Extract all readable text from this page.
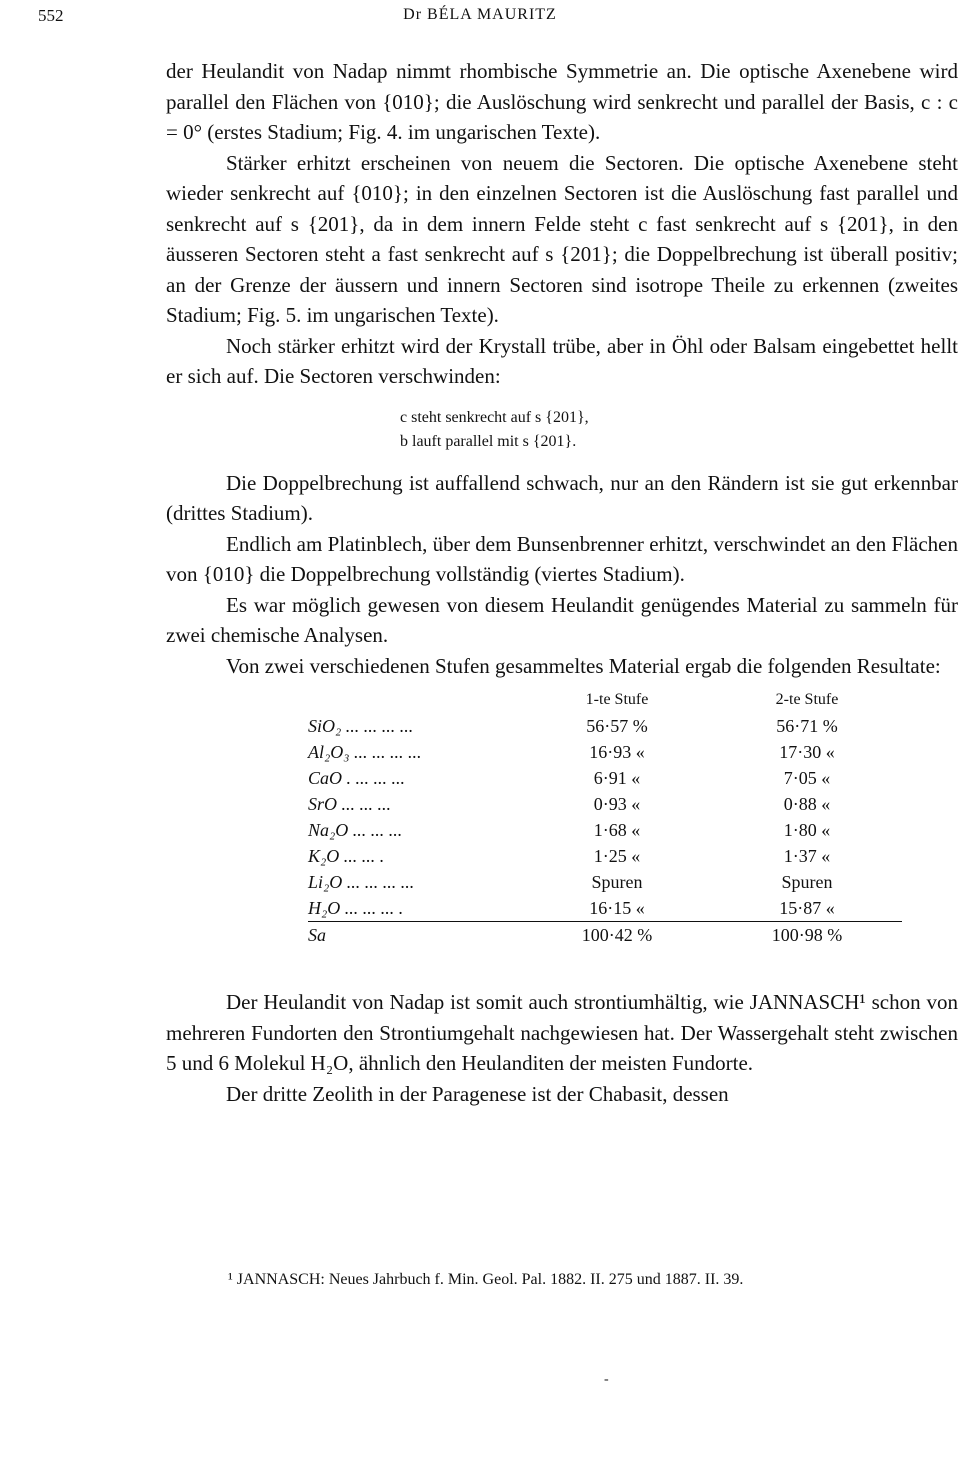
552	Dr BÉLA MAURITZ

der Heulandit von Nadap nimmt rhombische Symmetrie an. Die optische Axenebene wird parallel den Flächen von {010}; die Auslöschung wird senkrecht und parallel der Basis, c : c = 0° (erstes Stadium; Fig. 4. im ungarischen Texte).

Stärker erhitzt erscheinen von neuem die Sectoren. Die optische Axenebene steht wieder senkrecht auf {010}; in den einzelnen Sectoren ist die Auslöschung fast parallel und senkrecht auf s {201}, da in dem innern Felde steht c fast senkrecht auf s {201}, in den äusseren Sectoren steht a fast senkrecht auf s {201}; die Doppelbrechung ist überall positiv; an der Grenze der äussern und innern Sectoren sind isotrope Theile zu erkennen (zweites Stadium; Fig. 5. im ungarischen Texte).

Noch stärker erhitzt wird der Krystall trübe, aber in Öhl oder Balsam eingebettet hellt er sich auf. Die Sectoren verschwinden:

c steht senkrecht auf s {201},
b lauft parallel mit s {201}.

Die Doppelbrechung ist auffallend schwach, nur an den Rändern ist sie gut erkennbar (drittes Stadium).

Endlich am Platinblech, über dem Bunsenbrenner erhitzt, verschwindet an den Flächen von {010} die Doppelbrechung vollständig (viertes Stadium).

Es war möglich gewesen von diesem Heulandit genügendes Material zu sammeln für zwei chemische Analysen.

Von zwei verschiedenen Stufen gesammeltes Material ergab die folgenden Resultate:

	1-te Stufe	2-te Stufe
SiO₂ ... ... ... ...	56·57 %	56·71 %
Al₂O₃ ... ... ... ...	16·93 «	17·30 «
CaO . ... ... ...	6·91 «	7·05 «
SrO ... ... ...	0·93 «	0·88 «
Na₂O ... ... ...	1·68 «	1·80 «
K₂O ... ... .	1·25 «	1·37 «
Li₂O ... ... ... ...	Spuren	Spuren
H₂O ... ... ... .	16·15 «	15·87 «
Sa	100·42 %	100·98 %

Der Heulandit von Nadap ist somit auch strontiumhältig, wie JANNASCH¹ schon von mehreren Fundorten den Strontiumgehalt nachgewiesen hat. Der Wassergehalt steht zwischen 5 und 6 Molekul H₂O, ähnlich den Heulanditen der meisten Fundorte.

Der dritte Zeolith in der Paragenese ist der Chabasit, dessen

¹ JANNASCH: Neues Jahrbuch f. Min. Geol. Pal. 1882. II. 275 und 1887. II. 39.
-
